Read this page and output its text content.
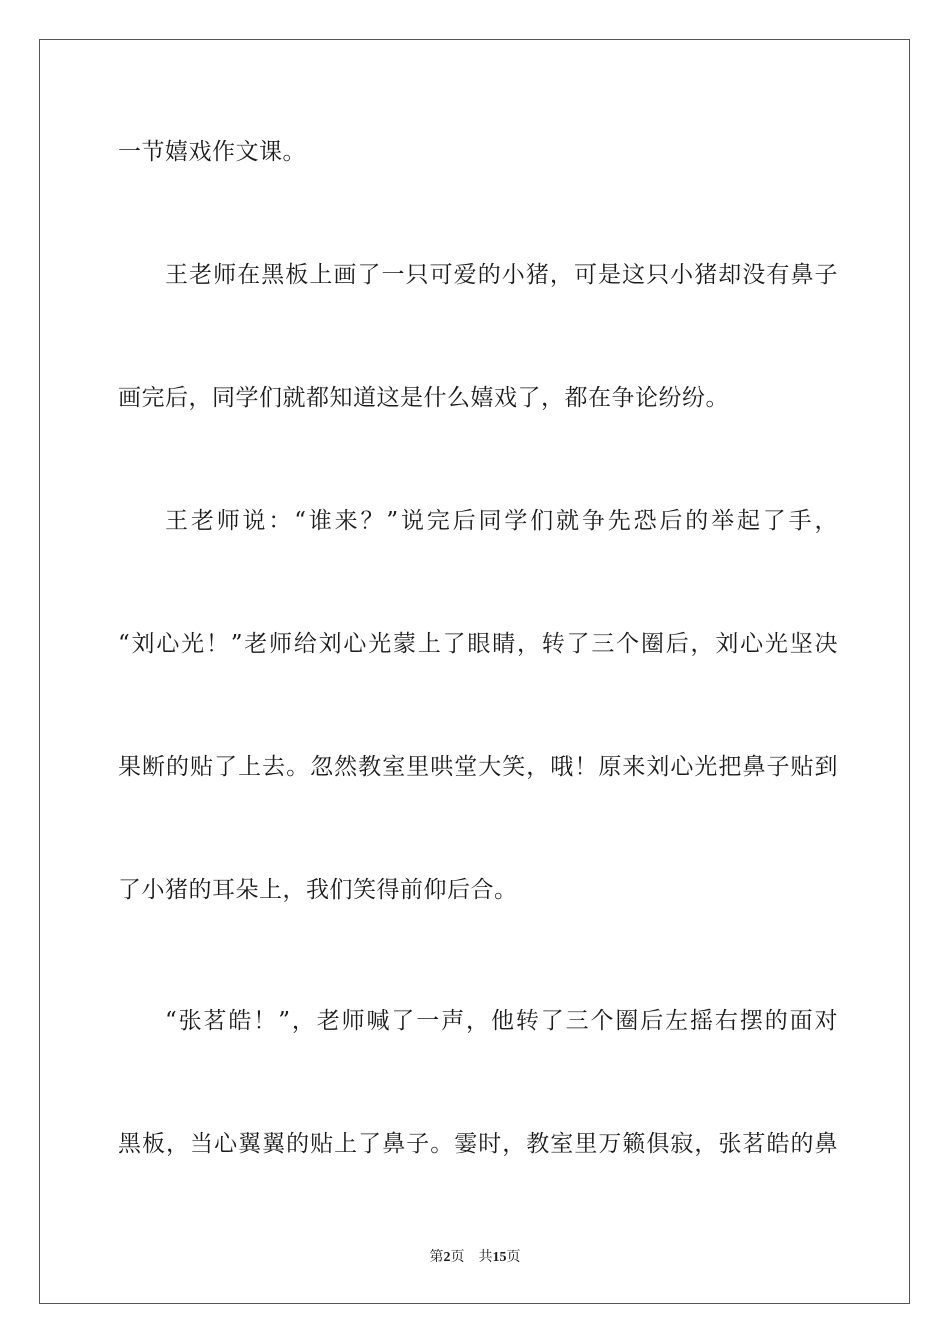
一节嬉戏作文课。
王老师在黑板上画了一只可爱的小猪，可是这只小猪却没有鼻子
画完后，同学们就都知道这是什么嬉戏了，都在争论纷纷。
王老师说：“谁来？”说完后同学们就争先恐后的举起了手，
“刘心光！”老师给刘心光蒙上了眼睛，转了三个圈后，刘心光坚决
果断的贴了上去。忽然教室里哄堂大笑，哦！原来刘心光把鼻子贴到
了小猪的耳朵上，我们笑得前仰后合。
“张茗皓！”，老师喊了一声，他转了三个圈后左摇右摆的面对
黑板，当心翼翼的贴上了鼻子。霎时，教室里万籁俱寂，张茗皓的鼻
第2页 共15页
